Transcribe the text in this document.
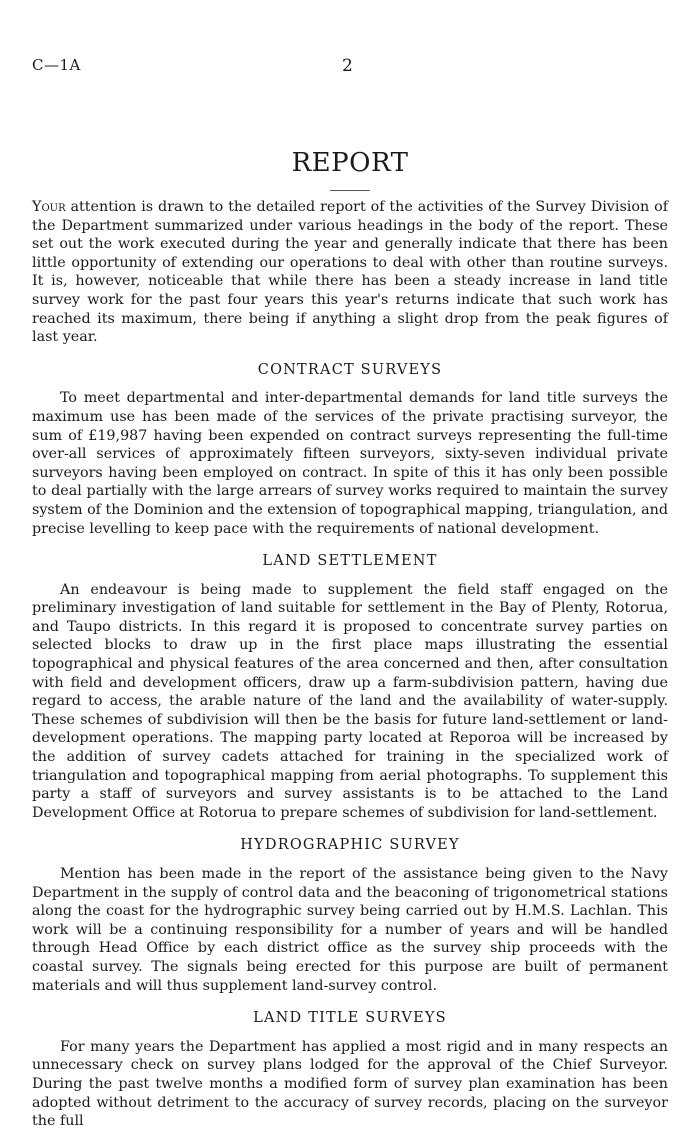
C—1A	2
REPORT

Your attention is drawn to the detailed report of the activities of the Survey Division of the Department summarized under various headings in the body of the report. These set out the work executed during the year and generally indicate that there has been little opportunity of extending our operations to deal with other than routine surveys. It is, however, noticeable that while there has been a steady increase in land title survey work for the past four years this year's returns indicate that such work has reached its maximum, there being if anything a slight drop from the peak figures of last year.

CONTRACT SURVEYS

To meet departmental and inter-departmental demands for land title surveys the maximum use has been made of the services of the private practising surveyor, the sum of £19,987 having been expended on contract surveys representing the full-time over-all services of approximately fifteen surveyors, sixty-seven individual private surveyors having been employed on contract. In spite of this it has only been possible to deal partially with the large arrears of survey works required to maintain the survey system of the Dominion and the extension of topographical mapping, triangulation, and precise levelling to keep pace with the requirements of national development.

LAND SETTLEMENT

An endeavour is being made to supplement the field staff engaged on the preliminary investigation of land suitable for settlement in the Bay of Plenty, Rotorua, and Taupo districts. In this regard it is proposed to concentrate survey parties on selected blocks to draw up in the first place maps illustrating the essential topographical and physical features of the area concerned and then, after consultation with field and development officers, draw up a farm-subdivision pattern, having due regard to access, the arable nature of the land and the availability of water-supply. These schemes of subdivision will then be the basis for future land-settlement or land-development operations. The mapping party located at Reporoa will be increased by the addition of survey cadets attached for training in the specialized work of triangulation and topographical mapping from aerial photographs. To supplement this party a staff of surveyors and survey assistants is to be attached to the Land Development Office at Rotorua to prepare schemes of subdivision for land-settlement.

HYDROGRAPHIC SURVEY

Mention has been made in the report of the assistance being given to the Navy Department in the supply of control data and the beaconing of trigonometrical stations along the coast for the hydrographic survey being carried out by H.M.S. Lachlan. This work will be a continuing responsibility for a number of years and will be handled through Head Office by each district office as the survey ship proceeds with the coastal survey. The signals being erected for this purpose are built of permanent materials and will thus supplement land-survey control.

LAND TITLE SURVEYS

For many years the Department has applied a most rigid and in many respects an unnecessary check on survey plans lodged for the approval of the Chief Surveyor. During the past twelve months a modified form of survey plan examination has been adopted without detriment to the accuracy of survey records, placing on the surveyor the full
